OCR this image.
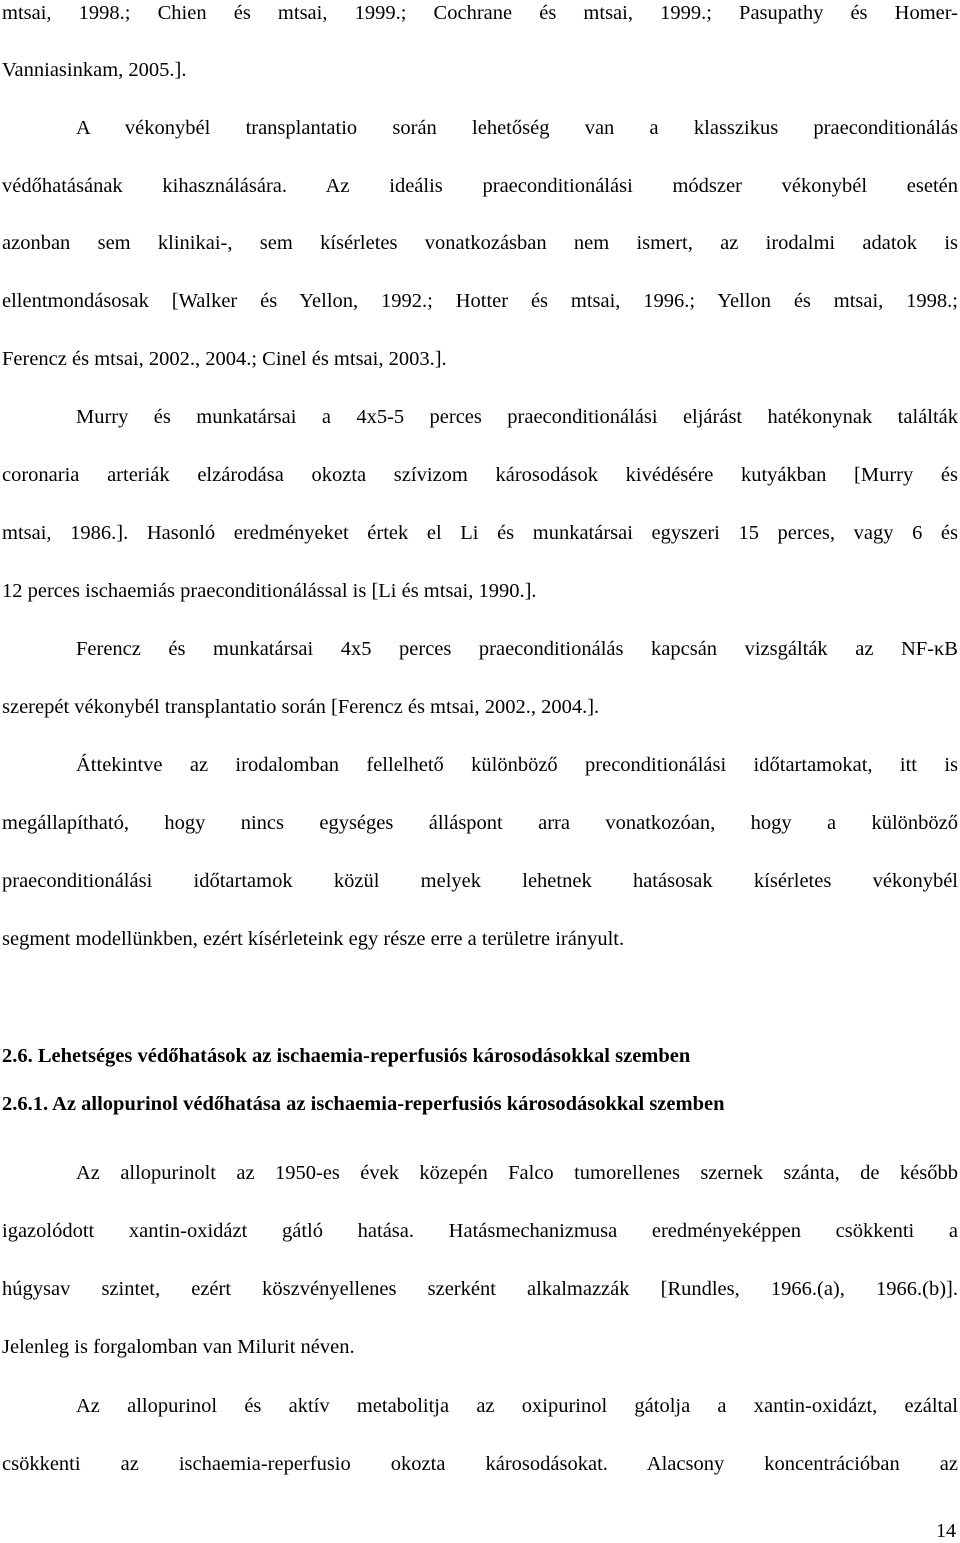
mtsai, 1998.; Chien és mtsai, 1999.; Cochrane és mtsai, 1999.; Pasupathy és Homer-
Vanniasinkam, 2005.].
A vékonybél transplantatio során lehetőség van a klasszikus praeconditionálás
védőhatásának kihasználására. Az ideális praeconditionálási módszer vékonybél esetén
azonban sem klinikai-, sem kísérletes vonatkozásban nem ismert, az irodalmi adatok is
ellentmondásosak [Walker és Yellon, 1992.; Hotter és mtsai, 1996.; Yellon és mtsai, 1998.;
Ferencz és mtsai, 2002., 2004.; Cinel és mtsai, 2003.].
Murry és munkatársai a 4x5-5 perces praeconditionálási eljárást hatékonynak találták
coronaria arteriák elzárodása okozta szívizom károsodások kivédésére kutyákban [Murry és
mtsai, 1986.]. Hasonló eredményeket értek el Li és munkatársai egyszeri 15 perces, vagy 6 és
12 perces ischaemiás praeconditionálással is [Li és mtsai, 1990.].
Ferencz és munkatársai 4x5 perces praeconditionálás kapcsán vizsgálták az NF-κB
szerepét vékonybél transplantatio során [Ferencz és mtsai, 2002., 2004.].
Áttekintve az irodalomban fellelhető különböző preconditionálási időtartamokat, itt is
megállapítható, hogy nincs egységes álláspont arra vonatkozóan, hogy a különböző
praeconditionálási időtartamok közül melyek lehetnek hatásosak kísérletes vékonybél
segment modellünkben, ezért kísérleteink egy része erre a területre irányult.
2.6. Lehetséges védőhatások az ischaemia-reperfusiós károsodásokkal szemben
2.6.1. Az allopurinol védőhatása az ischaemia-reperfusiós károsodásokkal szemben
Az allopurinolt az 1950-es évek közepén Falco tumorellenes szernek szánta, de később
igazolódott xantin-oxidázt gátló hatása. Hatásmechanizmusa eredményeképpen csökkenti a
húgysav szintet, ezért köszvényellenes szerként alkalmazzák [Rundles, 1966.(a), 1966.(b)].
Jelenleg is forgalomban van Milurit néven.
Az allopurinol és aktív metabolitja az oxipurinol gátolja a xantin-oxidázt, ezáltal
csökkenti az ischaemia-reperfusio okozta károsodásokat. Alacsony koncentrációban az
14
